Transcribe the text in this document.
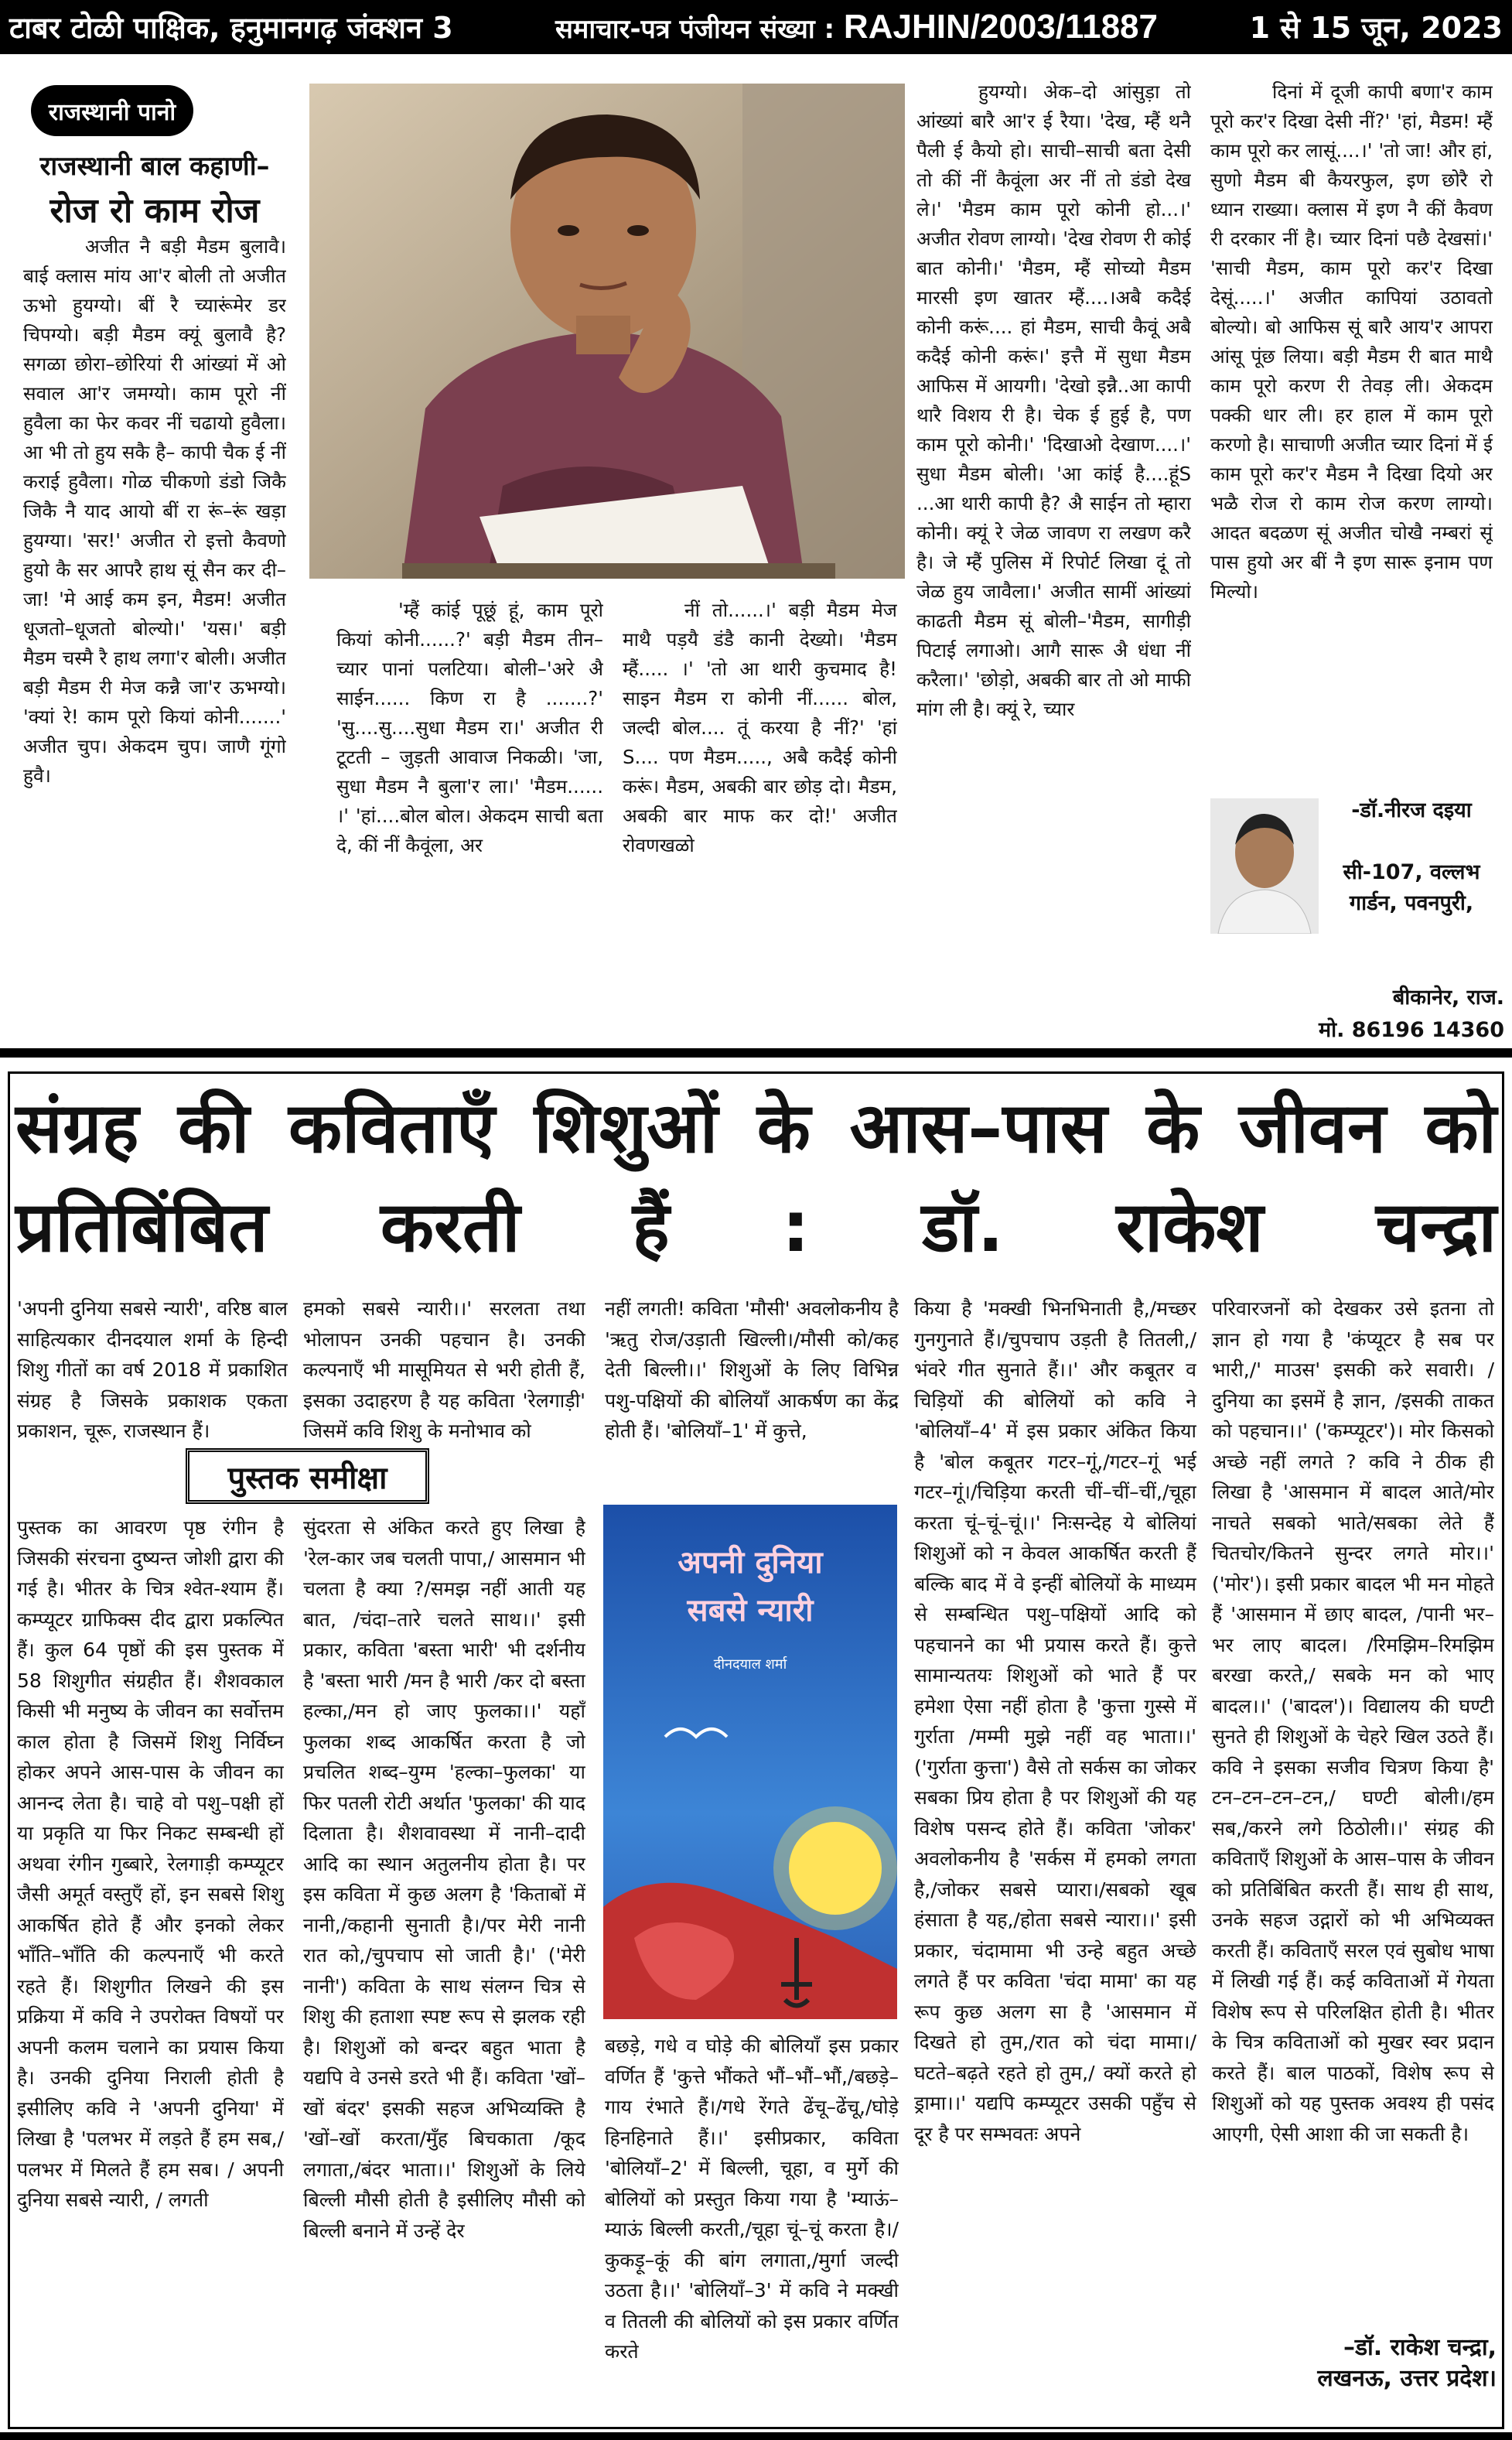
टाबर टोळी पाक्षिक, हनुमानगढ़ जंक्शन 3	समाचार-पत्र पंजीयन संख्या : RAJHIN/2003/11887	1 से 15 जून, 2023
राजस्थानी पानो
राजस्थानी बाल कहाणी–
रोज रो काम रोज

अजीत नै बड़ी मैडम बुलावै। बाई क्लास मांय आ'र बोली तो अजीत ऊभो हुयग्यो। बीं रै च्यारूंमेर डर चिपग्यो। बड़ी मैडम क्यूं बुलावै है? सगळा छोरा–छोरियां री आंख्यां में ओ सवाल आ'र जमग्यो। काम पूरो नीं हुवैला का फेर कवर नीं चढायो हुवैला। आ भी तो हुय सकै है– कापी चैक ई नीं कराई हुवैला। गोळ चीकणो डंडो जिकै जिकै नै याद आयो बीं रा रूं–रूं खड़ा हुयग्या। 'सर!' अजीत रो इत्तो कैवणो हुयो कै सर आपरै हाथ सूं सैन कर दी– जा! 'मे आई कम इन, मैडम! अजीत धूजतो–धूजतो बोल्यो।' 'यस।' बड़ी मैडम चस्मै रै हाथ लगा'र बोली। अजीत बड़ी मैडम री मेज कन्नै जा'र ऊभग्यो। 'क्यां रे! काम पूरो कियां कोनी.......' अजीत चुप। अेकदम चुप। जाणै गूंगो हुवै।

'म्हैं कांई पूछूं हूं, काम पूरो कियां कोनी......?' बड़ी मैडम तीन–च्यार पानां पलटिया। बोली–'अरे अै साईन...... किण रा है .......?' 'सु....सु....सुधा मैडम रा।' अजीत री टूटती – जुड़ती आवाज निकळी। 'जा, सुधा मैडम नै बुला'र ला।' 'मैडम...... ।' 'हां....बोल बोल। अेकदम साची बता दे, कीं नीं कैवूंला, अर

नीं तो......।' बड़ी मैडम मेज माथै पड़यै डंडै कानी देख्यो। 'मैडम म्हैं..... ।' 'तो आ थारी कुचमाद है! साइन मैडम रा कोनी नीं...... बोल, जल्दी बोल.... तूं करया है नीं?' 'हां S.... पण मैडम....., अबै कदैई कोनी करूं। मैडम, अबकी बार छोड़ दो। मैडम, अबकी बार माफ कर दो!' अजीत रोवणखळो

हुयग्यो। अेक–दो आंसुड़ा तो आंख्यां बारै आ'र ई रैया। 'देख, म्हैं थनै पैली ई कैयो हो। साची–साची बता देसी तो कीं नीं कैवूंला अर नीं तो डंडो देख ले।' 'मैडम काम पूरो कोनी हो...।' अजीत रोवण लाग्यो। 'देख रोवण री कोई बात कोनी।' 'मैडम, म्हैं सोच्यो मैडम मारसी इण खातर म्हैं....।अबै कदैई कोनी करूं.... हां मैडम, साची कैवूं अबै कदैई कोनी करूं।' इत्तै में सुधा मैडम आफिस में आयगी। 'देखो इन्नै..आ कापी थारै विशय री है। चेक ई हुई है, पण काम पूरो कोनी।' 'दिखाओ देखाण....।' सुधा मैडम बोली। 'आ कांई है....हूंS ...आ थारी कापी है? अै साईन तो म्हारा कोनी। क्यूं रे जेळ जावण रा लखण करै है। जे म्हैं पुलिस में रिपोर्ट लिखा दूं तो जेळ हुय जावैला।' अजीत सामीं आंख्यां काढती मैडम सूं बोली–'मैडम, सागीड़ी पिटाई लगाओ। आगै सारू अै धंधा नीं करैला।' 'छोड़ो, अबकी बार तो ओ माफी मांग ली है। क्यूं रे, च्यार

दिनां में दूजी कापी बणा'र काम पूरो कर'र दिखा देसी नीं?' 'हां, मैडम! म्हैं काम पूरो कर लासूं....।' 'तो जा! और हां, सुणो मैडम बी कैयरफुल, इण छोरै रो ध्यान राख्या। क्लास में इण नै कीं कैवण री दरकार नीं है। च्यार दिनां पछै देखसां।' 'साची मैडम, काम पूरो कर'र दिखा देसूं.....।' अजीत कापियां उठावतो बोल्यो। बो आफिस सूं बारै आय'र आपरा आंसू पूंछ लिया। बड़ी मैडम री बात माथै काम पूरो करण री तेवड़ ली। अेकदम पक्की धार ली। हर हाल में काम पूरो करणो है। साचाणी अजीत च्यार दिनां में ई काम पूरो कर'र मैडम नै दिखा दियो अर भळै रोज रो काम रोज करण लाग्यो। आदत बदळण सूं अजीत चोखै नम्बरां सूं पास हुयो अर बीं नै इण सारू इनाम पण मिल्यो।

-डॉ.नीरज दइया
सी-107, वल्लभ गार्डन, पवनपुरी,
बीकानेर, राज.
मो. 86196 14360
संग्रह की कविताएँ शिशुओं के आस–पास के जीवन को प्रतिबिंबित करती हैं : डॉ. राकेश चन्द्रा

'अपनी दुनिया सबसे न्यारी', वरिष्ठ बाल साहित्यकार दीनदयाल शर्मा के हिन्दी शिशु गीतों का वर्ष 2018 में प्रकाशित संग्रह है जिसके प्रकाशक एकता प्रकाशन, चूरू, राजस्थान हैं।

पुस्तक समीक्षा

पुस्तक का आवरण पृष्ठ रंगीन है जिसकी संरचना दुष्यन्त जोशी द्वारा की गई है। भीतर के चित्र श्वेत-श्याम हैं। कम्प्यूटर ग्राफिक्स दीद द्वारा प्रकल्पित हैं। कुल 64 पृष्ठों की इस पुस्तक में 58 शिशुगीत संग्रहीत हैं। शैशवकाल किसी भी मनुष्य के जीवन का सर्वोत्तम काल होता है जिसमें शिशु निर्विघ्न होकर अपने आस-पास के जीवन का आनन्द लेता है। चाहे वो पशु–पक्षी हों या प्रकृति या फिर निकट सम्बन्धी हों अथवा रंगीन गुब्बारे, रेलगाड़ी कम्प्यूटर जैसी अमूर्त वस्तुएँ हों, इन सबसे शिशु आकर्षित होते हैं और इनको लेकर भाँति–भाँति की कल्पनाएँ भी करते रहते हैं। शिशुगीत लिखने की इस प्रक्रिया में कवि ने उपरोक्त विषयों पर अपनी कलम चलाने का प्रयास किया है। उनकी दुनिया निराली होती है इसीलिए कवि ने 'अपनी दुनिया' में लिखा है 'पलभर में लड़ते हैं हम सब,/पलभर में मिलते हैं हम सब। / अपनी दुनिया सबसे न्यारी, / लगती

हमको सबसे न्यारी।।' सरलता तथा भोलापन उनकी पहचान है। उनकी कल्पनाएँ भी मासूमियत से भरी होती हैं, इसका उदाहरण है यह कविता 'रेलगाड़ी' जिसमें कवि शिशु के मनोभाव को

सुंदरता से अंकित करते हुए लिखा है 'रेल-कार जब चलती पापा,/ आसमान भी चलता है क्या ?/समझ नहीं आती यह बात, /चंदा–तारे चलते साथ।।' इसी प्रकार, कविता 'बस्ता भारी' भी दर्शनीय है 'बस्ता भारी /मन है भारी /कर दो बस्ता हल्का,/मन हो जाए फुलका।।' यहाँ फुलका शब्द आकर्षित करता है जो प्रचलित शब्द–युग्म 'हल्का–फुलका' या फिर पतली रोटी अर्थात 'फुलका' की याद दिलाता है। शैशवावस्था में नानी–दादी आदि का स्थान अतुलनीय होता है। पर इस कविता में कुछ अलग है 'किताबों में नानी,/कहानी सुनाती है।/पर मेरी नानी रात को,/चुपचाप सो जाती है।' ('मेरी नानी') कविता के साथ संलग्न चित्र से शिशु की हताशा स्पष्ट रूप से झलक रही है। शिशुओं को बन्दर बहुत भाता है यद्यपि वे उनसे डरते भी हैं। कविता 'खों–खों बंदर' इसकी सहज अभिव्यक्ति है 'खों–खों करता/मुँह बिचकाता /कूद लगाता,/बंदर भाता।।' शिशुओं के लिये बिल्ली मौसी होती है इसीलिए मौसी को बिल्ली बनाने में उन्हें देर

नहीं लगती! कविता 'मौसी' अवलोकनीय है 'ऋतु रोज/उड़ाती खिल्ली।/मौसी को/कह देती बिल्ली।।' शिशुओं के लिए विभिन्न पशु-पक्षियों की बोलियाँ आकर्षण का केंद्र होती हैं। 'बोलियाँ–1' में कुत्ते,

अपनी दुनिया
सबसे न्यारी
दीनदयाल शर्मा

बछड़े, गधे व घोड़े की बोलियाँ इस प्रकार वर्णित हैं 'कुत्ते भौंकते भौं–भौं–भौं,/बछड़े–गाय रंभाते हैं।/गधे रेंगते ढेंचू–ढेंचू,/घोड़े हिनहिनाते हैं।।' इसीप्रकार, कविता 'बोलियाँ–2' में बिल्ली, चूहा, व मुर्गे की बोलियों को प्रस्तुत किया गया है 'म्याऊं–म्याऊं बिल्ली करती,/चूहा चूं–चूं करता है।/कुकड़ू–कूं की बांग लगाता,/मुर्गा जल्दी उठता है।।' 'बोलियाँ–3' में कवि ने मक्खी व तितली की बोलियों को इस प्रकार वर्णित करते

किया है 'मक्खी भिनभिनाती है,/मच्छर गुनगुनाते हैं।/चुपचाप उड़ती है तितली,/भंवरे गीत सुनाते हैं।।' और कबूतर व चिड़ियों की बोलियों को कवि ने 'बोलियाँ–4' में इस प्रकार अंकित किया है 'बोल कबूतर गटर–गूं,/गटर–गूं भई गटर–गूं।/चिड़िया करती चीं–चीं–चीं,/चूहा करता चूं–चूं–चूं।।' निःसन्देह ये बोलियां शिशुओं को न केवल आकर्षित करती हैं बल्कि बाद में वे इन्हीं बोलियों के माध्यम से सम्बन्धित पशु–पक्षियों आदि को पहचानने का भी प्रयास करते हैं। कुत्ते सामान्यतयः शिशुओं को भाते हैं पर हमेशा ऐसा नहीं होता है 'कुत्ता गुस्से में गुर्राता /मम्मी मुझे नहीं वह भाता।।' ('गुर्राता कुत्ता') वैसे तो सर्कस का जोकर सबका प्रिय होता है पर शिशुओं की यह विशेष पसन्द होते हैं। कविता 'जोकर' अवलोकनीय है 'सर्कस में हमको लगता है,/जोकर सबसे प्यारा।/सबको खूब हंसाता है यह,/होता सबसे न्यारा।।' इसी प्रकार, चंदामामा भी उन्हे बहुत अच्छे लगते हैं पर कविता 'चंदा मामा' का यह रूप कुछ अलग सा है 'आसमान में दिखते हो तुम,/रात को चंदा मामा।/घटते–बढ़ते रहते हो तुम,/ क्यों करते हो ड्रामा।।' यद्यपि कम्प्यूटर उसकी पहुँच से दूर है पर सम्भवतः अपने

परिवारजनों को देखकर उसे इतना तो ज्ञान हो गया है 'कंप्यूटर है सब पर भारी,/' माउस' इसकी करे सवारी। /दुनिया का इसमें है ज्ञान, /इसकी ताकत को पहचान।।' ('कम्प्यूटर')। मोर किसको अच्छे नहीं लगते ? कवि ने ठीक ही लिखा है 'आसमान में बादल आते/मोर नाचते सबको भाते/सबका लेते हैं चितचोर/कितने सुन्दर लगते मोर।।' ('मोर')। इसी प्रकार बादल भी मन मोहते हैं 'आसमान में छाए बादल, /पानी भर–भर लाए बादल। /रिमझिम–रिमझिम बरखा करते,/ सबके मन को भाए बादल।।' ('बादल')। विद्यालय की घण्टी सुनते ही शिशुओं के चेहरे खिल उठते हैं। कवि ने इसका सजीव चित्रण किया है' टन–टन–टन–टन,/ घण्टी बोली।/हम सब,/करने लगे ठिठोली।।' संग्रह की कविताएँ शिशुओं के आस–पास के जीवन को प्रतिबिंबित करती हैं। साथ ही साथ, उनके सहज उद्गारों को भी अभिव्यक्त करती हैं। कविताएँ सरल एवं सुबोध भाषा में लिखी गई हैं। कई कविताओं में गेयता विशेष रूप से परिलक्षित होती है। भीतर के चित्र कविताओं को मुखर स्वर प्रदान करते हैं। बाल पाठकों, विशेष रूप से शिशुओं को यह पुस्तक अवश्य ही पसंद आएगी, ऐसी आशा की जा सकती है।

–डॉ. राकेश चन्द्रा,
लखनऊ, उत्तर प्रदेश।
